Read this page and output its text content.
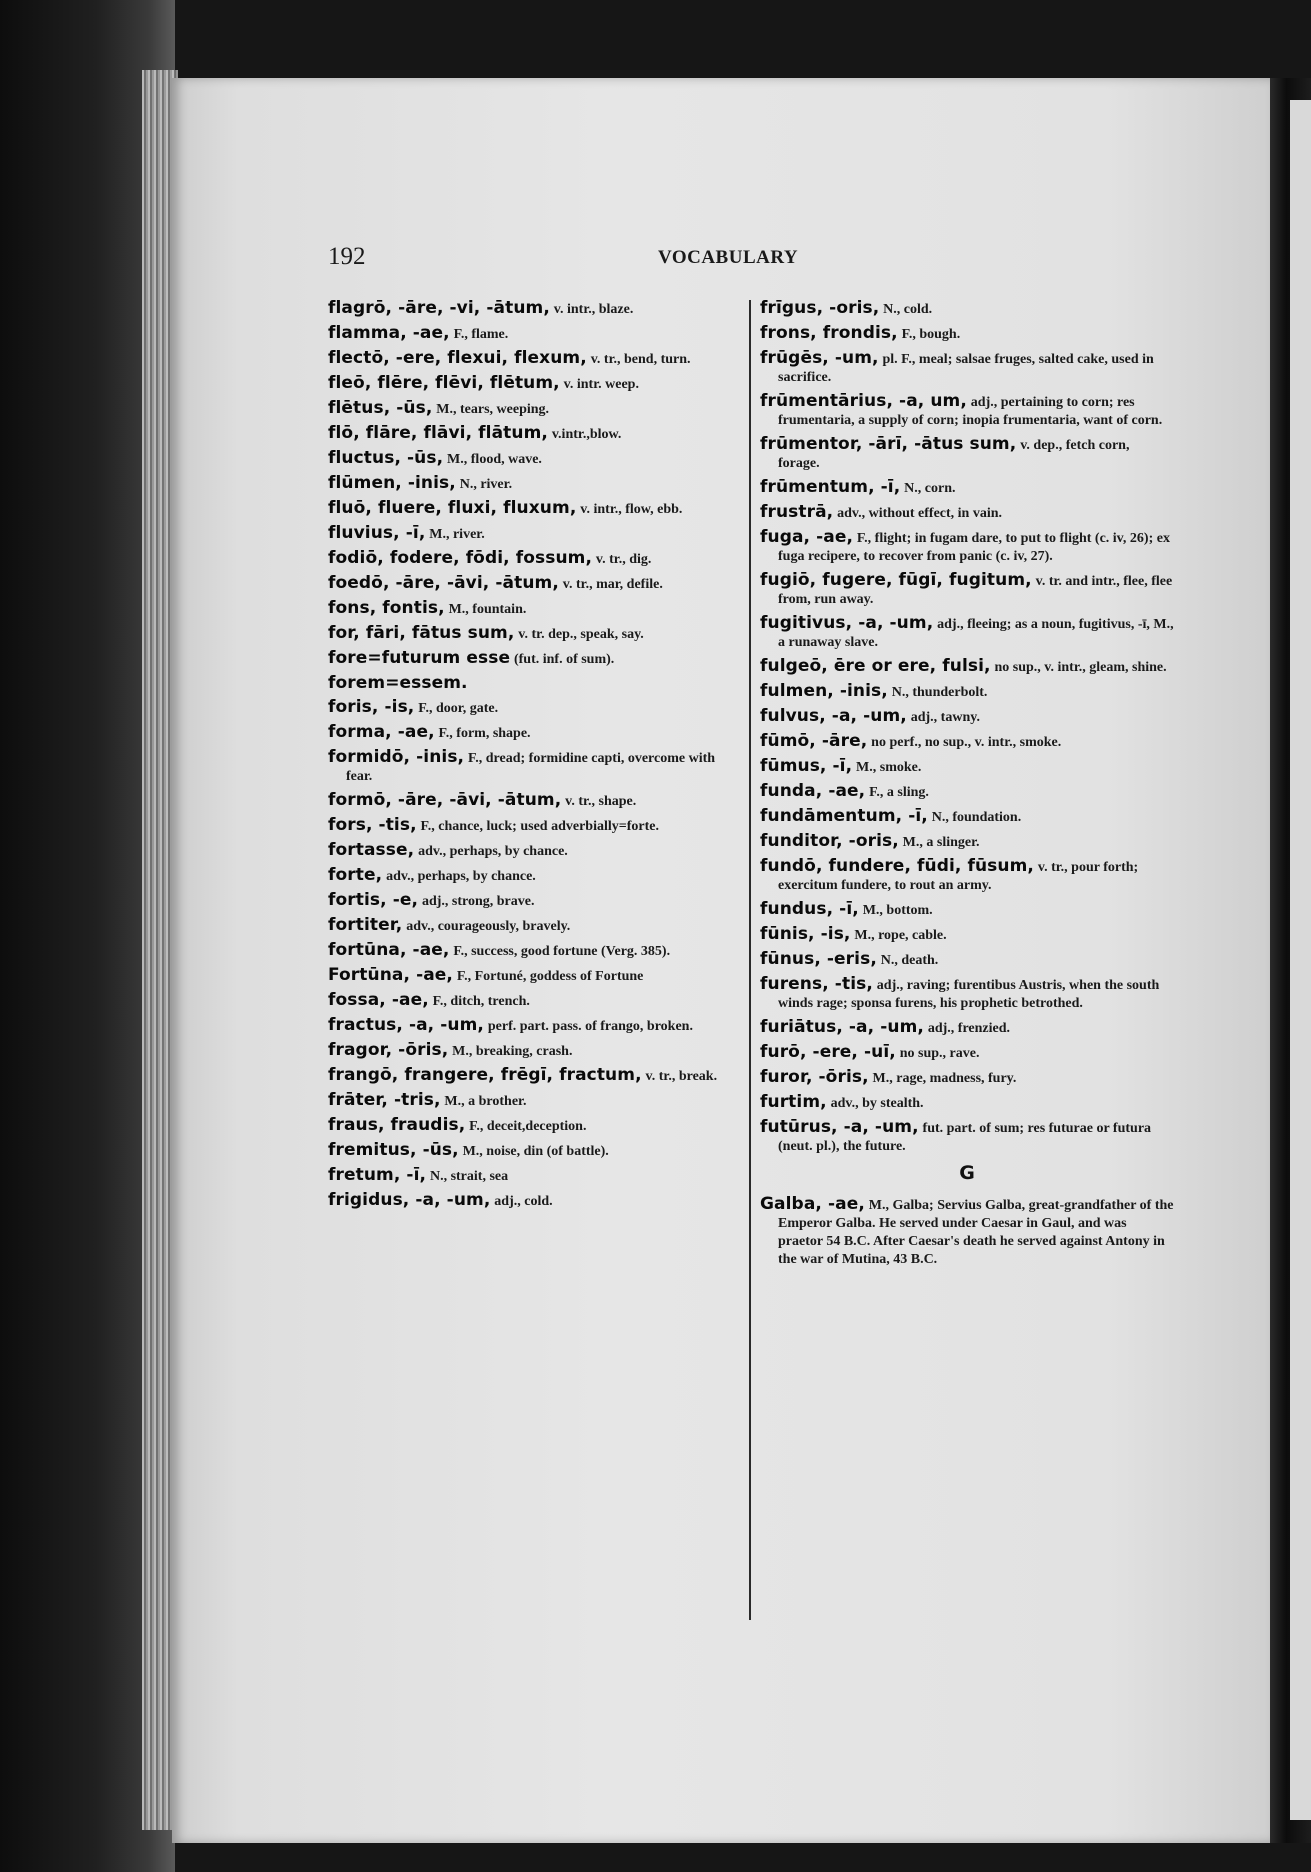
192	VOCABULARY
flagrō, -āre, -vi, -ātum, v. intr., blaze.
flamma, -ae, F., flame.
flectō, -ere, flexui, flexum, v. tr., bend, turn.
fleō, flēre, flēvi, flētum, v. intr. weep.
flētus, -ūs, M., tears, weeping.
flō, flāre, flāvi, flātum, v.intr.,blow.
fluctus, -ūs, M., flood, wave.
flūmen, -inis, N., river.
fluō, fluere, fluxi, fluxum, v. intr., flow, ebb.
fluvius, -ī, M., river.
fodiō, fodere, fōdi, fossum, v. tr., dig.
foedō, -āre, -āvi, -ātum, v. tr., mar, defile.
fons, fontis, M., fountain.
for, fāri, fātus sum, v. tr. dep., speak, say.
fore=futurum esse (fut. inf. of sum).
forem=essem.
foris, -is, F., door, gate.
forma, -ae, F., form, shape.
formidō, -inis, F., dread; formidine capti, overcome with fear.
formō, -āre, -āvi, -ātum, v. tr., shape.
fors, -tis, F., chance, luck; used adverbially=forte.
fortasse, adv., perhaps, by chance.
forte, adv., perhaps, by chance.
fortis, -e, adj., strong, brave.
fortiter, adv., courageously, bravely.
fortūna, -ae, F., success, good fortune (Verg. 385).
Fortūna, -ae, F., Fortuné, goddess of Fortune
fossa, -ae, F., ditch, trench.
fractus, -a, -um, perf. part. pass. of frango, broken.
fragor, -ōris, M., breaking, crash.
frangō, frangere, frēgī, fractum, v. tr., break.
frāter, -tris, M., a brother.
fraus, fraudis, F., deceit,deception.
fremitus, -ūs, M., noise, din (of battle).
fretum, -ī, N., strait, sea
frigidus, -a, -um, adj., cold.
frīgus, -oris, N., cold.
frons, frondis, F., bough.
frūgēs, -um, pl. F., meal; salsae fruges, salted cake, used in sacrifice.
frūmentārius, -a, um, adj., pertaining to corn; res frumentaria, a supply of corn; inopia frumentaria, want of corn.
frūmentor, -ārī, -ātus sum, v. dep., fetch corn, forage.
frūmentum, -ī, N., corn.
frustrā, adv., without effect, in vain.
fuga, -ae, F., flight; in fugam dare, to put to flight (c. iv, 26); ex fuga recipere, to recover from panic (c. iv, 27).
fugiō, fugere, fūgī, fugitum, v. tr. and intr., flee, flee from, run away.
fugitivus, -a, -um, adj., fleeing; as a noun, fugitivus, -ī, M., a runaway slave.
fulgeō, ēre or ere, fulsi, no sup., v. intr., gleam, shine.
fulmen, -inis, N., thunderbolt.
fulvus, -a, -um, adj., tawny.
fūmō, -āre, no perf., no sup., v. intr., smoke.
fūmus, -ī, M., smoke.
funda, -ae, F., a sling.
fundāmentum, -ī, N., foundation.
funditor, -oris, M., a slinger.
fundō, fundere, fūdi, fūsum, v. tr., pour forth; exercitum fundere, to rout an army.
fundus, -ī, M., bottom.
fūnis, -is, M., rope, cable.
fūnus, -eris, N., death.
furens, -tis, adj., raving; furentibus Austris, when the south winds rage; sponsa furens, his prophetic betrothed.
furiātus, -a, -um, adj., frenzied.
furō, -ere, -uī, no sup., rave.
furor, -ōris, M., rage, madness, fury.
furtim, adv., by stealth.
futūrus, -a, -um, fut. part. of sum; res futurae or futura (neut. pl.), the future.
G
Galba, -ae, M., Galba; Servius Galba, great-grandfather of the Emperor Galba. He served under Caesar in Gaul, and was praetor 54 B.C. After Caesar's death he served against Antony in the war of Mutina, 43 B.C.
